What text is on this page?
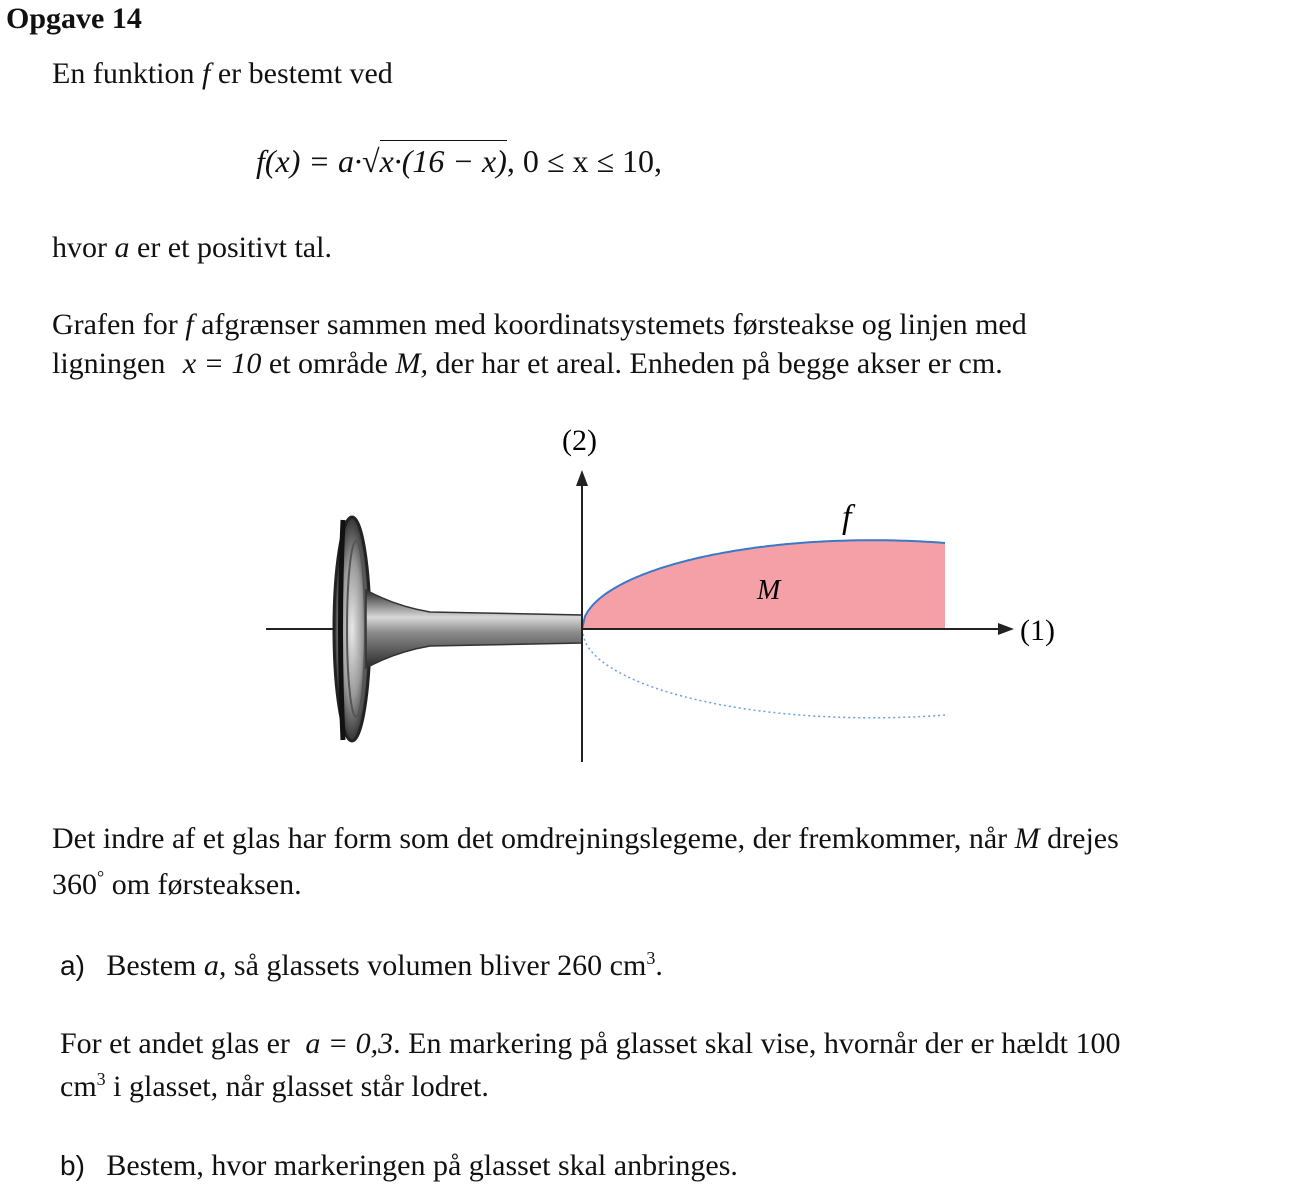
Opgave 14
En funktion f er bestemt ved
f(x) = a·√x·(16 − x), 0 ≤ x ≤ 10,
hvor a er et positivt tal.
Grafen for f afgrænser sammen med koordinatsystemets førsteakse og linjen med
ligningen x = 10 et område M, der har et areal. Enheden på begge akser er cm.
(2)
(1)
f
M
Det indre af et glas har form som det omdrejningslegeme, der fremkommer, når M drejes
360° om førsteaksen.
a) Bestem a, så glassets volumen bliver 260 $cm^3$.
For et andet glas er a = 0,3. En markering på glasset skal vise, hvornår der er hældt 100
$cm^3$ i glasset, når glasset står lodret.
b) Bestem, hvor markeringen på glasset skal anbringes.
